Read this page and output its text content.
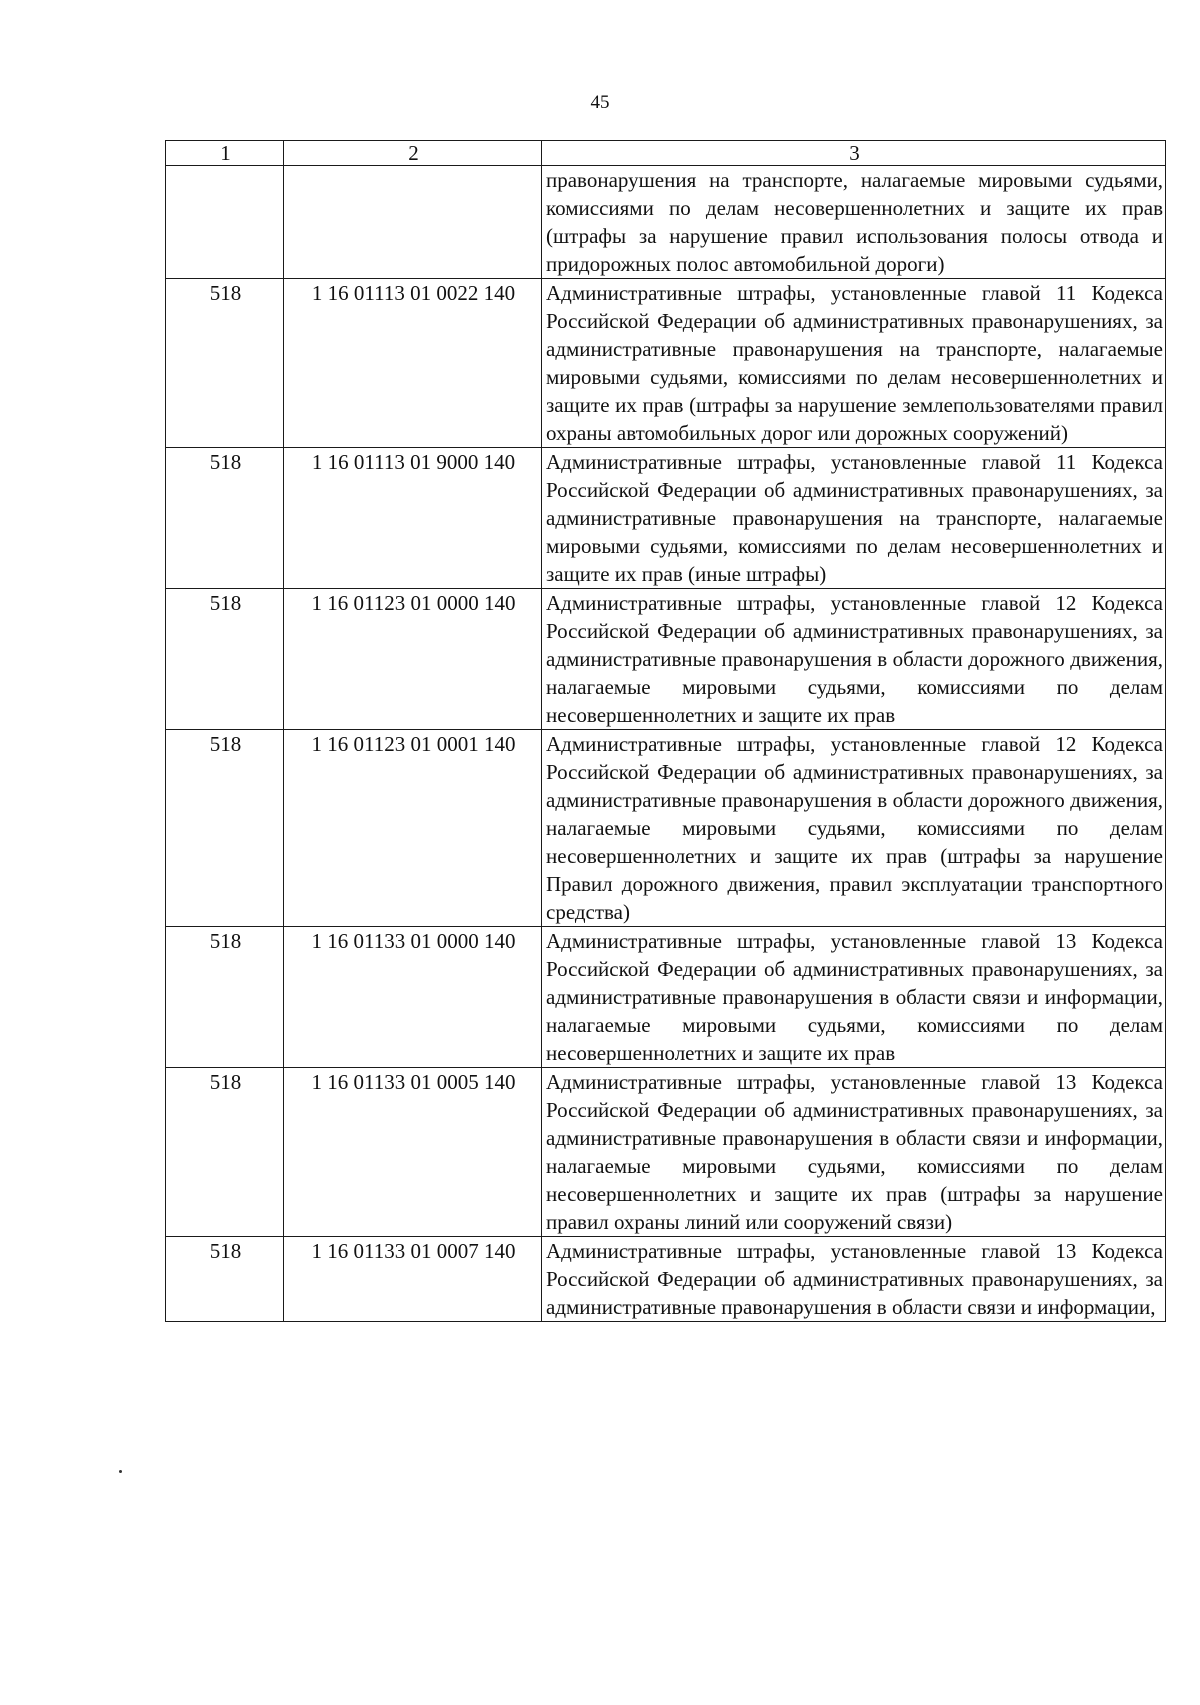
45
1	2	3
		правонарушения на транспорте, налагаемые мировыми судьями, комиссиями по делам несовершеннолетних и защите их прав (штрафы за нарушение правил использования полосы отвода и придорожных полос автомобильной дороги)
518	1 16 01113 01 0022 140	Административные штрафы, установленные главой 11 Кодекса Российской Федерации об административных правонарушениях, за административные правонарушения на транспорте, налагаемые мировыми судьями, комиссиями по делам несовершеннолетних и защите их прав (штрафы за нарушение землепользователями правил охраны автомобильных дорог или дорожных сооружений)
518	1 16 01113 01 9000 140	Административные штрафы, установленные главой 11 Кодекса Российской Федерации об административных правонарушениях, за административные правонарушения на транспорте, налагаемые мировыми судьями, комиссиями по делам несовершеннолетних и защите их прав (иные штрафы)
518	1 16 01123 01 0000 140	Административные штрафы, установленные главой 12 Кодекса Российской Федерации об административных правонарушениях, за административные правонарушения в области дорожного движения, налагаемые мировыми судьями, комиссиями по делам несовершеннолетних и защите их прав
518	1 16 01123 01 0001 140	Административные штрафы, установленные главой 12 Кодекса Российской Федерации об административных правонарушениях, за административные правонарушения в области дорожного движения, налагаемые мировыми судьями, комиссиями по делам несовершеннолетних и защите их прав (штрафы за нарушение Правил дорожного движения, правил эксплуатации транспортного средства)
518	1 16 01133 01 0000 140	Административные штрафы, установленные главой 13 Кодекса Российской Федерации об административных правонарушениях, за административные правонарушения в области связи и информации, налагаемые мировыми судьями, комиссиями по делам несовершеннолетних и защите их прав
518	1 16 01133 01 0005 140	Административные штрафы, установленные главой 13 Кодекса Российской Федерации об административных правонарушениях, за административные правонарушения в области связи и информации, налагаемые мировыми судьями, комиссиями по делам несовершеннолетних и защите их прав (штрафы за нарушение правил охраны линий или сооружений связи)
518	1 16 01133 01 0007 140	Административные штрафы, установленные главой 13 Кодекса Российской Федерации об административных правонарушениях, за административные правонарушения в области связи и информации,
